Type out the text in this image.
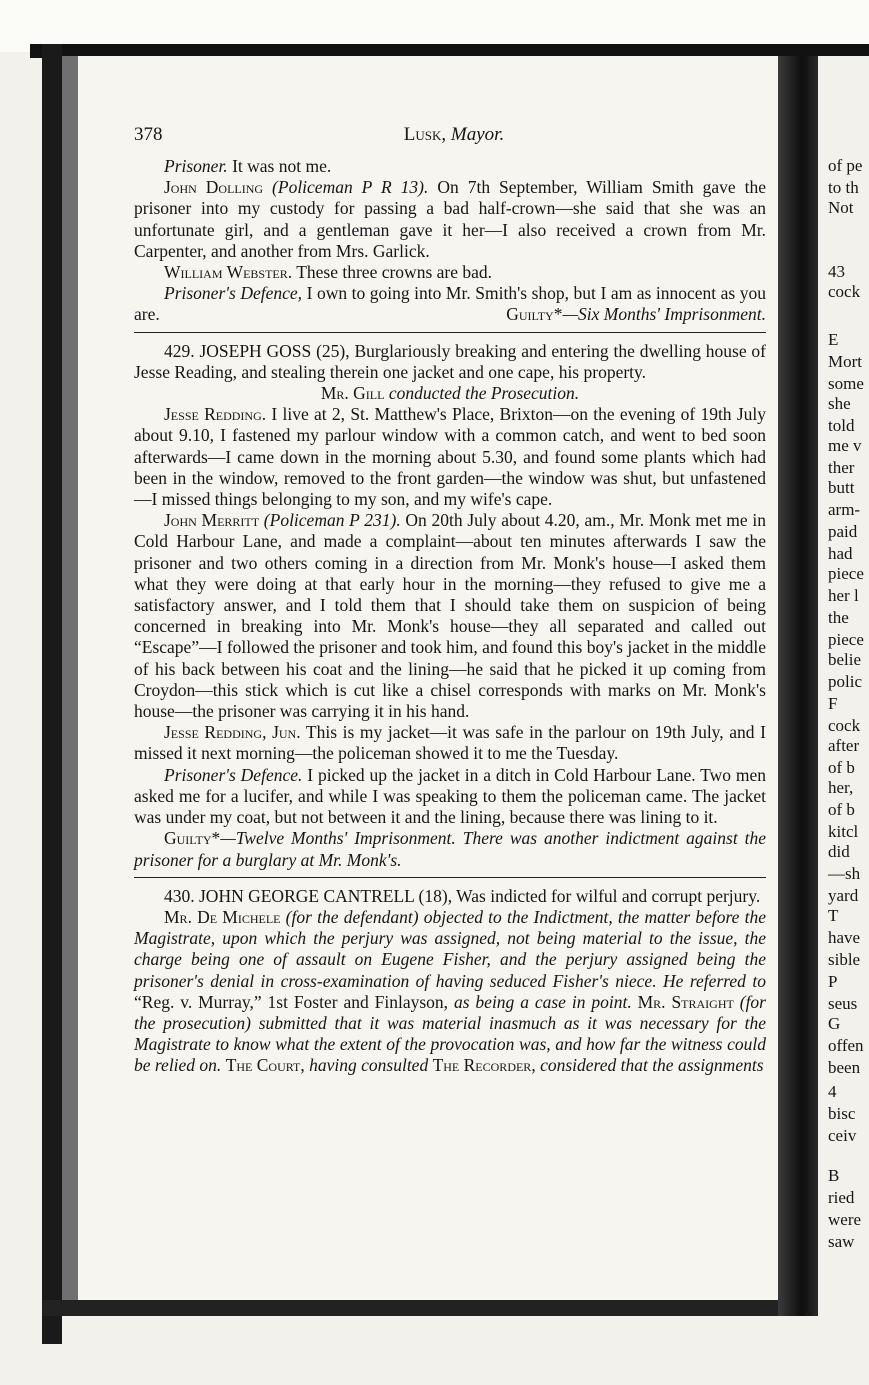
378	Lusk, Mayor.

Prisoner. It was not me.

John Dolling (Policeman P R 13). On 7th September, William Smith gave the prisoner into my custody for passing a bad half-crown—she said that she was an unfortunate girl, and a gentleman gave it her—I also received a crown from Mr. Carpenter, and another from Mrs. Garlick.

William Webster. These three crowns are bad.

Prisoner's Defence, I own to going into Mr. Smith's shop, but I am as innocent as you are.	Guilty*—Six Months' Imprisonment.

429. JOSEPH GOSS (25), Burglariously breaking and entering the dwelling house of Jesse Reading, and stealing therein one jacket and one cape, his property.

Mr. Gill conducted the Prosecution.

Jesse Redding. I live at 2, St. Matthew's Place, Brixton—on the evening of 19th July about 9.10, I fastened my parlour window with a common catch, and went to bed soon afterwards—I came down in the morning about 5.30, and found some plants which had been in the window, removed to the front garden—the window was shut, but unfastened—I missed things belonging to my son, and my wife's cape.

John Merritt (Policeman P 231). On 20th July about 4.20, am., Mr. Monk met me in Cold Harbour Lane, and made a complaint—about ten minutes afterwards I saw the prisoner and two others coming in a direction from Mr. Monk's house—I asked them what they were doing at that early hour in the morning—they refused to give me a satisfactory answer, and I told them that I should take them on suspicion of being concerned in breaking into Mr. Monk's house—they all separated and called out “Escape”—I followed the prisoner and took him, and found this boy's jacket in the middle of his back between his coat and the lining—he said that he picked it up coming from Croydon—this stick which is cut like a chisel corresponds with marks on Mr. Monk's house—the prisoner was carrying it in his hand.

Jesse Redding, Jun. This is my jacket—it was safe in the parlour on 19th July, and I missed it next morning—the policeman showed it to me the Tuesday.

Prisoner's Defence. I picked up the jacket in a ditch in Cold Harbour Lane. Two men asked me for a lucifer, and while I was speaking to them the policeman came. The jacket was under my coat, but not between it and the lining, because there was lining to it.

Guilty*—Twelve Months' Imprisonment. There was another indictment against the prisoner for a burglary at Mr. Monk's.

430. JOHN GEORGE CANTRELL (18), Was indicted for wilful and corrupt perjury.

Mr. De Michele (for the defendant) objected to the Indictment, the matter before the Magistrate, upon which the perjury was assigned, not being material to the issue, the charge being one of assault on Eugene Fisher, and the perjury assigned being the prisoner's denial in cross-examination of having seduced Fisher's niece. He referred to “Reg. v. Murray,” 1st Foster and Finlayson, as being a case in point. Mr. Straight (for the prosecution) submitted that it was material inasmuch as it was necessary for the Magistrate to know what the extent of the provocation was, and how far the witness could be relied on. The Court, having consulted The Recorder, considered that the assignments

of pe
to th
Not
43
cock
E
Mort
some
she
told
me v
ther
butt
arm-
paid
had
piece
her l
the
piece
belie
polic
F
cock
after
of b
her,
of b
kitcl
did
—sh
yard
T
have
sible
P
seus
G
offen
been
4
bisc
ceiv
B
ried
were
saw
